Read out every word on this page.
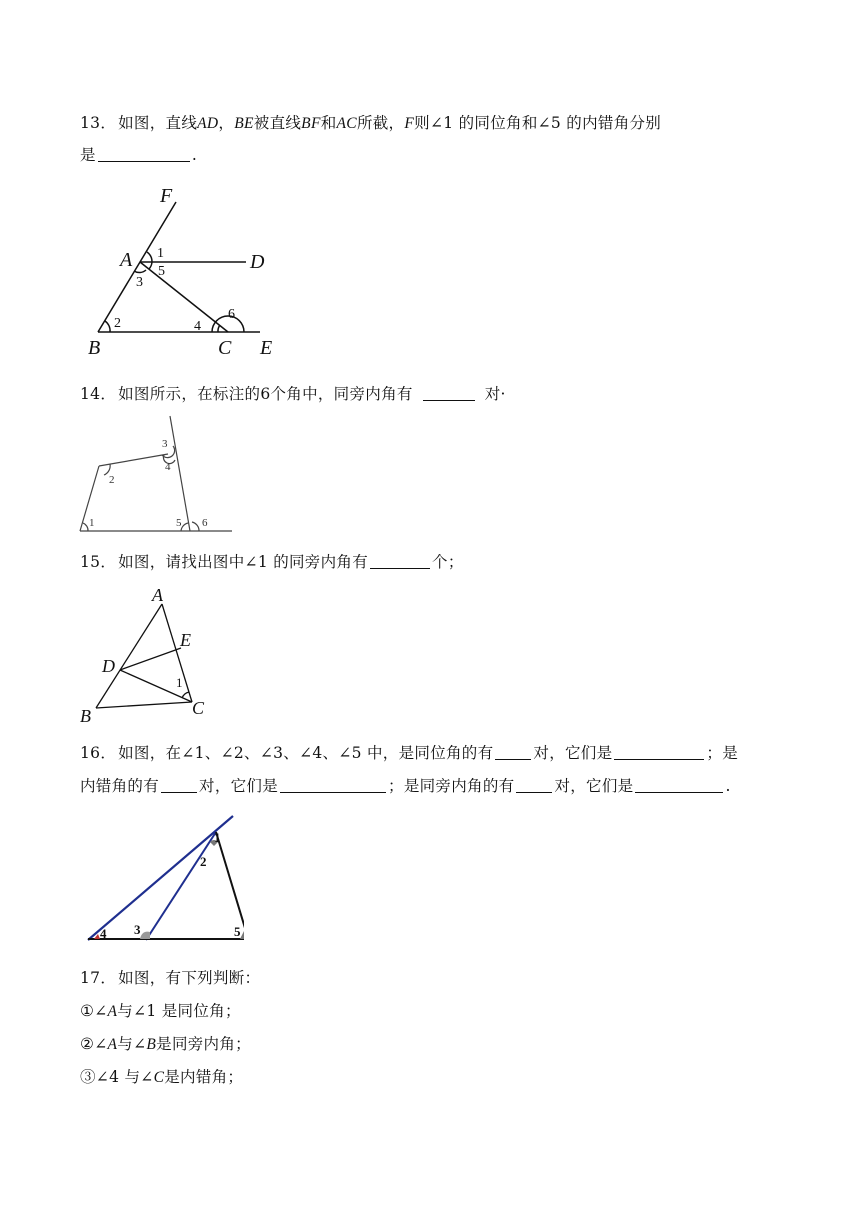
13． 如图，直线AD，BE被直线BF和AC所截，F则∠1 的同位角和∠5 的内错角分别
是	.
F
A	D
B	C E
1
5
3
2	4
6
14． 如图所示，在标注的6个角中，同旁内角有	对·
1
2
3
4
5 6
15． 如图，请找出图中∠1 的同旁内角有	个；
A
E
D
B	C
1
16． 如图，在∠1、∠2、∠3、∠4、∠5 中，是同位角的有	对，它们是	；是
内错角的有	对，它们是	；是同旁内角的有	对，它们是	.
1
2
3
4	5
17． 如图，有下列判断：
①∠A与∠1 是同位角；
②∠A与∠B是同旁内角；
③∠4 与∠C是内错角；
